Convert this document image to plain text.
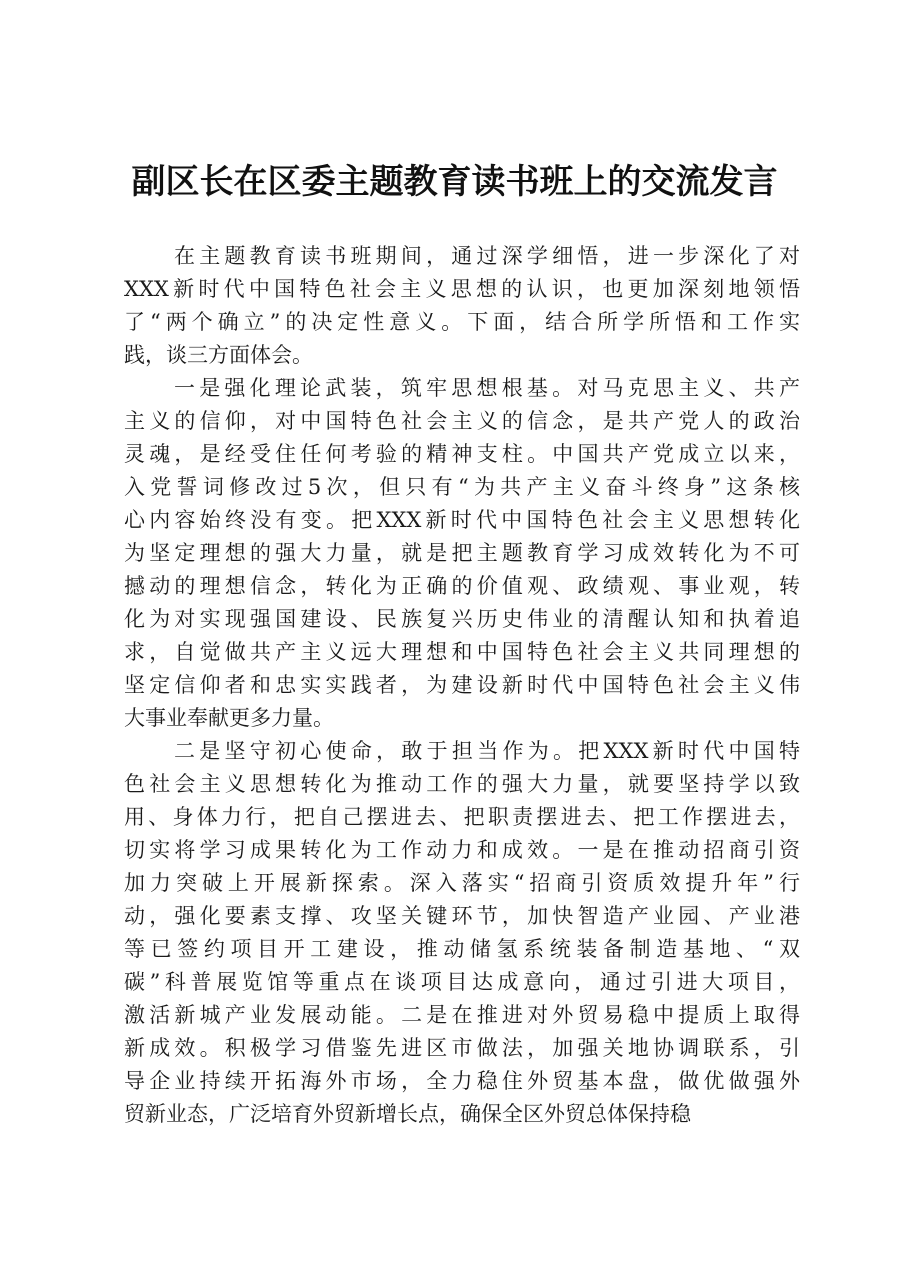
副区长在区委主题教育读书班上的交流发言
在主题教育读书班期间，通过深学细悟，进一步深化了对
XXX新时代中国特色社会主义思想的认识，也更加深刻地领悟
了“两个确立”的决定性意义。下面，结合所学所悟和工作实
践，谈三方面体会。
一是强化理论武装，筑牢思想根基。对马克思主义、共产
主义的信仰，对中国特色社会主义的信念，是共产党人的政治
灵魂，是经受住任何考验的精神支柱。中国共产党成立以来，
入党誓词修改过5次，但只有“为共产主义奋斗终身”这条核
心内容始终没有变。把XXX新时代中国特色社会主义思想转化
为坚定理想的强大力量，就是把主题教育学习成效转化为不可
撼动的理想信念，转化为正确的价值观、政绩观、事业观，转
化为对实现强国建设、民族复兴历史伟业的清醒认知和执着追
求，自觉做共产主义远大理想和中国特色社会主义共同理想的
坚定信仰者和忠实实践者，为建设新时代中国特色社会主义伟
大事业奉献更多力量。
二是坚守初心使命，敢于担当作为。把XXX新时代中国特
色社会主义思想转化为推动工作的强大力量，就要坚持学以致
用、身体力行，把自己摆进去、把职责摆进去、把工作摆进去，
切实将学习成果转化为工作动力和成效。一是在推动招商引资
加力突破上开展新探索。深入落实“招商引资质效提升年”行
动，强化要素支撑、攻坚关键环节，加快智造产业园、产业港
等已签约项目开工建设，推动储氢系统装备制造基地、“双
碳”科普展览馆等重点在谈项目达成意向，通过引进大项目，
激活新城产业发展动能。二是在推进对外贸易稳中提质上取得
新成效。积极学习借鉴先进区市做法，加强关地协调联系，引
导企业持续开拓海外市场，全力稳住外贸基本盘，做优做强外
贸新业态，广泛培育外贸新增长点，确保全区外贸总体保持稳
